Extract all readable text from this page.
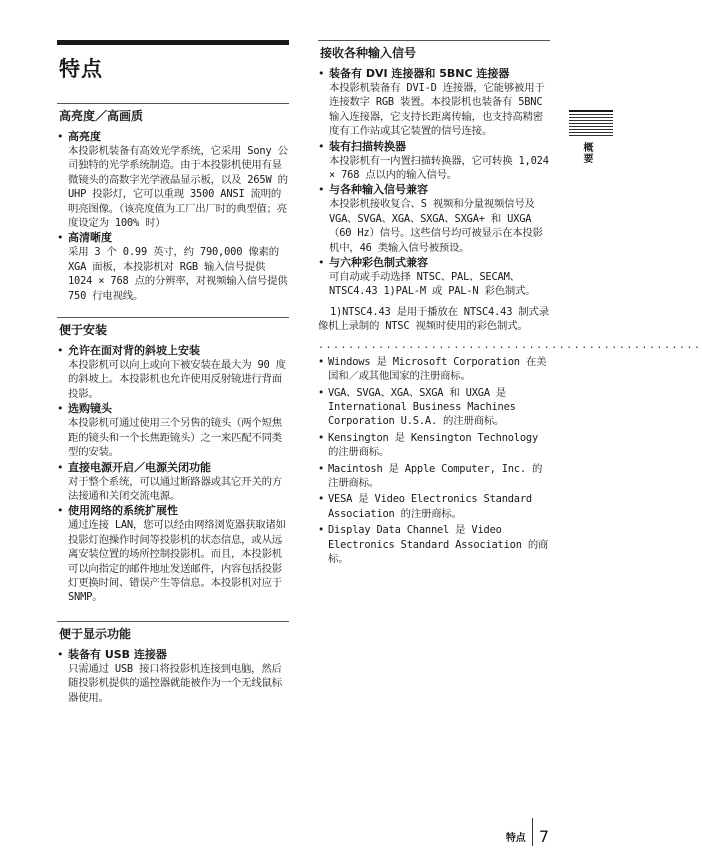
特点
高亮度／高画质
• 高亮度
本投影机装备有高效光学系统，它采用 Sony 公司独特的光学系统制造。由于本投影机使用有显微镜头的高数字光学液晶显示板，以及 265W 的 UHP 投影灯，它可以重现 3500 ANSI 流明的明亮图像。（该亮度值为工厂出厂时的典型值；亮度设定为 100% 时）
• 高清晰度
采用 3 个 0.99 英寸，约 790,000 像素的 XGA 面板，本投影机对 RGB 输入信号提供 1024 × 768 点的分辨率，对视频输入信号提供 750 行电视线。
便于安装
• 允许在面对背的斜坡上安装
本投影机可以向上或向下被安装在最大为 90 度的斜坡上。本投影机也允许使用反射镜进行背面投影。
• 选购镜头
本投影机可通过使用三个另售的镜头（两个短焦距的镜头和一个长焦距镜头）之一来匹配不同类型的安装。
• 直接电源开启／电源关闭功能
对于整个系统，可以通过断路器或其它开关的方法接通和关闭交流电源。
• 使用网络的系统扩展性
通过连接 LAN，您可以经由网络浏览器获取诸如投影灯泡操作时间等投影机的状态信息，或从远离安装位置的场所控制投影机。而且，本投影机可以向指定的邮件地址发送邮件，内容包括投影灯更换时间、错误产生等信息。本投影机对应于 SNMP。
便于显示功能
• 装备有 USB 连接器
只需通过 USB 接口将投影机连接到电脑，然后随投影机提供的遥控器就能被作为一个无线鼠标器使用。
接收各种输入信号
• 装备有 DVI 连接器和 5BNC 连接器
本投影机装备有 DVI-D 连接器，它能够被用于连接数字 RGB 装置。本投影机也装备有 5BNC 输入连接器，它支持长距离传输，也支持高精密度有工作站或其它装置的信号连接。
• 装有扫描转换器
本投影机有一内置扫描转换器，它可转换 1,024 × 768 点以内的输入信号。
• 与各种输入信号兼容
本投影机接收复合、S 视频和分量视频信号及 VGA、SVGA、XGA、SXGA、SXGA+ 和 UXGA （60 Hz）信号。这些信号均可被显示在本投影机中，46 类输入信号被预设。
• 与六种彩色制式兼容
可自动或手动选择 NTSC、PAL、SECAM、NTSC4.43 1)PAL-M 或 PAL-N 彩色制式。
1)NTSC4.43 是用于播放在 NTSC4.43 制式录像机上录制的 NTSC 视频时使用的彩色制式。
...................................................
• Windows 是 Microsoft Corporation 在美国和／或其他国家的注册商标。
• VGA、SVGA、XGA、SXGA 和 UXGA 是 International Business Machines Corporation U.S.A. 的注册商标。
• Kensington 是 Kensington Technology 的注册商标。
• Macintosh 是 Apple Computer, Inc. 的注册商标。
• VESA 是 Video Electronics Standard Association 的注册商标。
• Display Data Channel 是 Video Electronics Standard Association 的商标。
概要
特点 7
